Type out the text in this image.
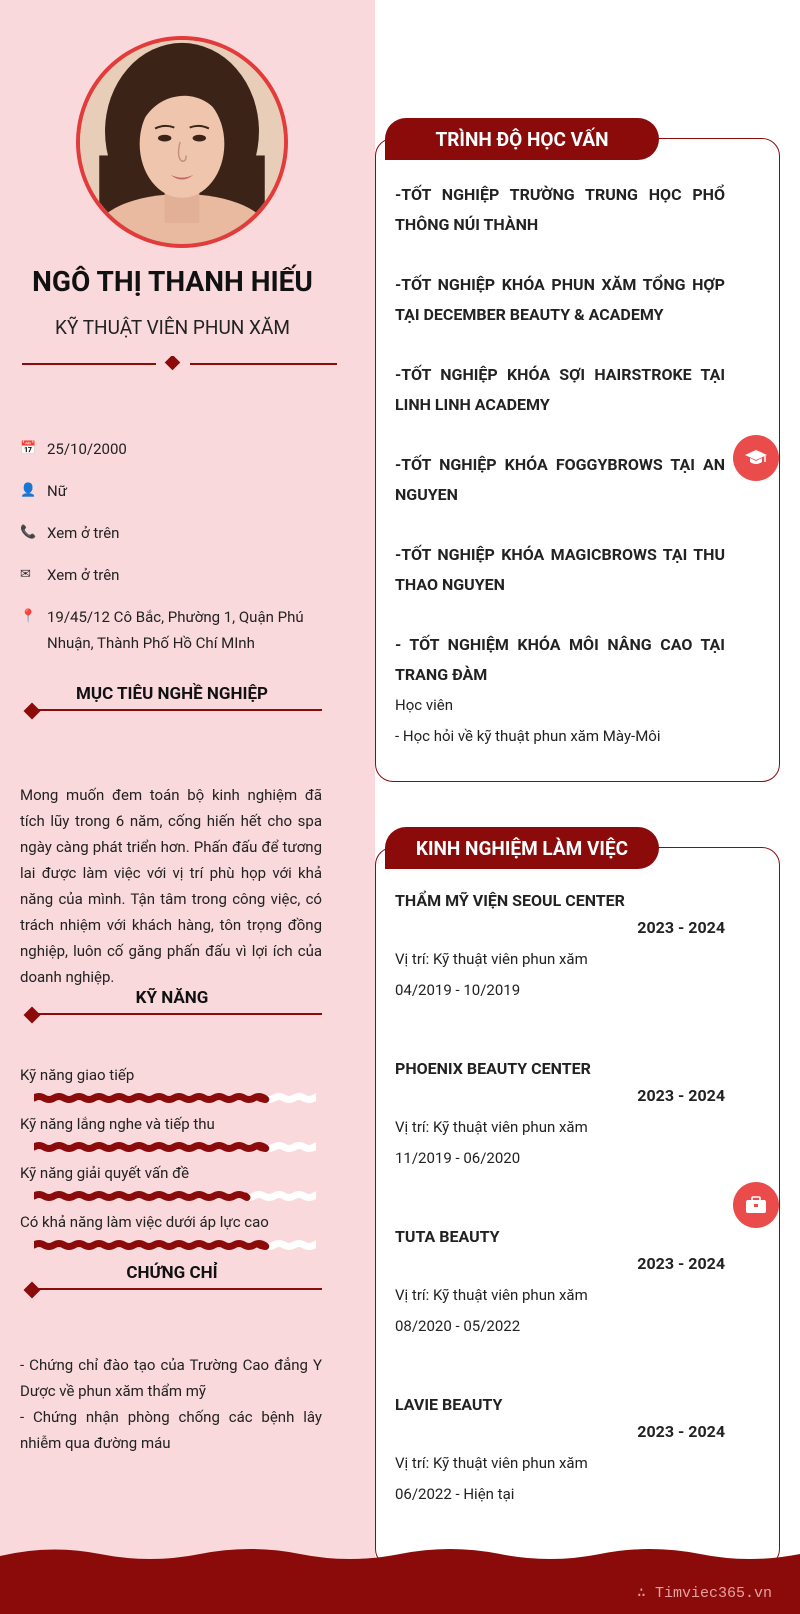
NGÔ THỊ THANH HIẾU
KỸ THUẬT VIÊN PHUN XĂM
📅 25/10/2000
👤 Nữ
📞 Xem ở trên
✉	Xem ở trên
📍 19/45/12 Cô Bắc, Phường 1, Quận Phú Nhuận, Thành Phố Hồ Chí MInh
MỤC TIÊU NGHỀ NGHIỆP
Mong muốn đem toán bộ kinh nghiệm đã tích lũy trong 6 năm, cống hiến hết cho spa ngày càng phát triển hơn. Phấn đấu để tương lai được làm việc với vị trí phù họp với khả năng của mình. Tận tâm trong công việc, có trách nhiệm với khách hàng, tôn trọng đồng nghiệp, luôn cố găng phấn đấu vì lợi ích của doanh nghiệp.
KỸ NĂNG
Kỹ năng giao tiếp
Kỹ năng lắng nghe và tiếp thu
Kỹ năng giải quyết vấn đề
Có khả năng làm việc dưới áp lực cao
CHỨNG CHỈ
- Chứng chỉ đào tạo của Trường Cao đẳng Y Dược về phun xăm thẩm mỹ
- Chứng nhận phòng chống các bệnh lây nhiễm qua đường máu
TRÌNH ĐỘ HỌC VẤN
-TỐT NGHIỆP TRƯỜNG TRUNG HỌC PHỔ THÔNG NÚI THÀNH
-TỐT NGHIỆP KHÓA PHUN XĂM TỔNG HỢP TẠI DECEMBER BEAUTY & ACADEMY
-TỐT NGHIỆP KHÓA SỢI HAIRSTROKE TẠI LINH LINH ACADEMY
-TỐT NGHIỆP KHÓA FOGGYBROWS TẠI AN NGUYEN
-TỐT NGHIỆP KHÓA MAGICBROWS TẠI THU THAO NGUYEN
- TỐT NGHIỆM KHÓA MÔI NÂNG CAO TẠI TRANG ĐÀM
Học viên
- Học hỏi về kỹ thuật phun xăm Mày-Môi
KINH NGHIỆM LÀM VIỆC
THẨM MỸ VIỆN SEOUL CENTER
2023 - 2024
Vị trí: Kỹ thuật viên phun xăm
04/2019 - 10/2019
PHOENIX BEAUTY CENTER
2023 - 2024
Vị trí: Kỹ thuật viên phun xăm
11/2019 - 06/2020
TUTA BEAUTY
2023 - 2024
Vị trí: Kỹ thuật viên phun xăm
08/2020 - 05/2022
LAVIE BEAUTY
2023 - 2024
Vị trí: Kỹ thuật viên phun xăm
06/2022 - Hiện tại
∴ Timviec365.vn
